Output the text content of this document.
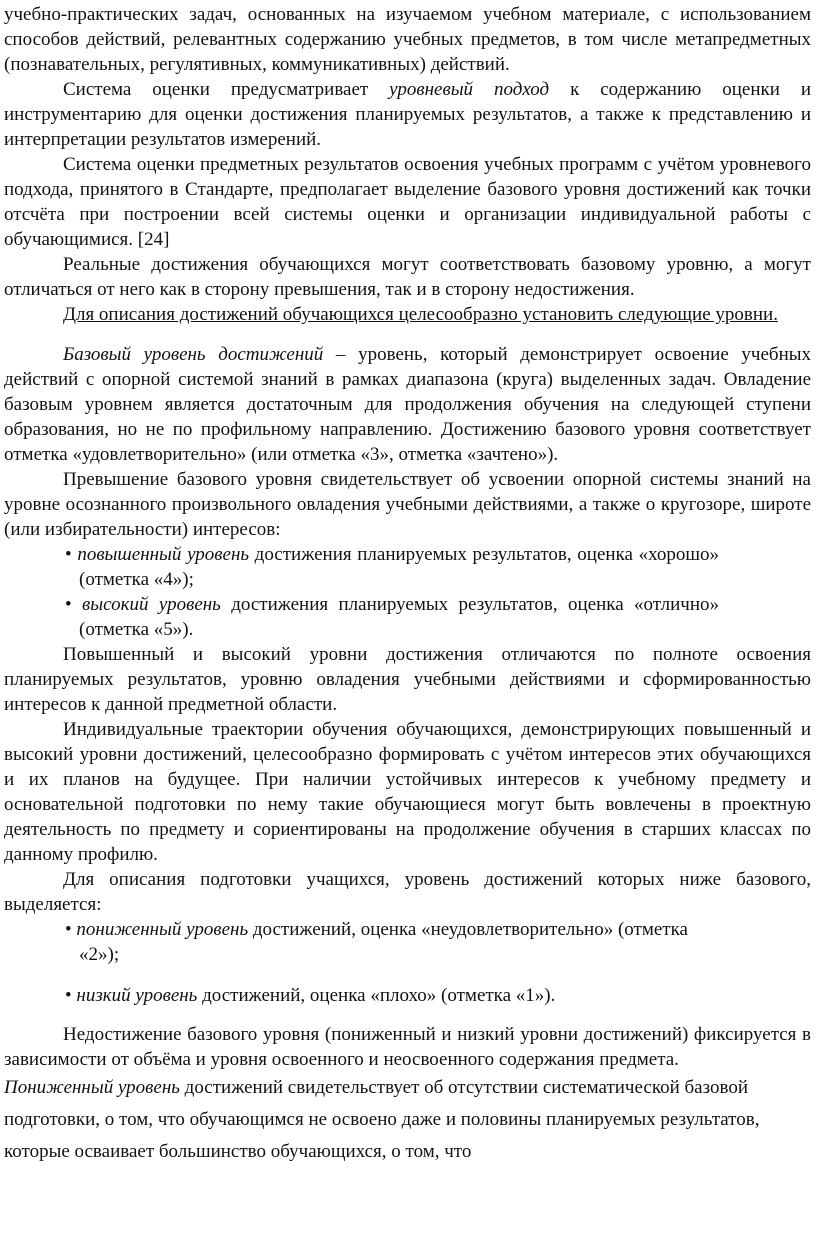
учебно-практических задач, основанных на изучаемом учебном материале, с использованием способов действий, релевантных содержанию учебных предметов, в том числе метапредметных (познавательных, регулятивных, коммуникативных) действий.

Система оценки предусматривает уровневый подход к содержанию оценки и инструментарию для оценки достижения планируемых результатов, а также к представлению и интерпретации результатов измерений.

Система оценки предметных результатов освоения учебных программ с учётом уровневого подхода, принятого в Стандарте, предполагает выделение базового уровня достижений как точки отсчёта при построении всей системы оценки и организации индивидуальной работы с обучающимися. [24]

Реальные достижения обучающихся могут соответствовать базовому уровню, а могут отличаться от него как в сторону превышения, так и в сторону недостижения.

Для описания достижений обучающихся целесообразно установить следующие уровни.

Базовый уровень достижений – уровень, который демонстрирует освоение учебных действий с опорной системой знаний в рамках диапазона (круга) выделенных задач. Овладение базовым уровнем является достаточным для продолжения обучения на следующей ступени образования, но не по профильному направлению. Достижению базового уровня соответствует отметка «удовлетворительно» (или отметка «3», отметка «зачтено»).

Превышение базового уровня свидетельствует об усвоении опорной системы знаний на уровне осознанного произвольного овладения учебными действиями, а также о кругозоре, широте (или избирательности) интересов:

• повышенный уровень достижения планируемых результатов, оценка «хорошо» (отметка «4»);

• высокий уровень достижения планируемых результатов, оценка «отлично» (отметка «5»).

Повышенный и высокий уровни достижения отличаются по полноте освоения планируемых результатов, уровню овладения учебными действиями и сформированностью интересов к данной предметной области.

Индивидуальные траектории обучения обучающихся, демонстрирующих повышенный и высокий уровни достижений, целесообразно формировать с учётом интересов этих обучающихся и их планов на будущее. При наличии устойчивых интересов к учебному предмету и основательной подготовки по нему такие обучающиеся могут быть вовлечены в проектную деятельность по предмету и сориентированы на продолжение обучения в старших классах по данному профилю.

Для описания подготовки учащихся, уровень достижений которых ниже базового, выделяется:

• пониженный уровень достижений, оценка «неудовлетворительно» (отметка «2»);

• низкий уровень достижений, оценка «плохо» (отметка «1»).

Недостижение базового уровня (пониженный и низкий уровни достижений) фиксируется в зависимости от объёма и уровня освоенного и неосвоенного содержания предмета.

Пониженный уровень достижений свидетельствует об отсутствии систематической базовой подготовки, о том, что обучающимся не освоено даже и половины планируемых результатов, которые осваивает большинство обучающихся, о том, что
